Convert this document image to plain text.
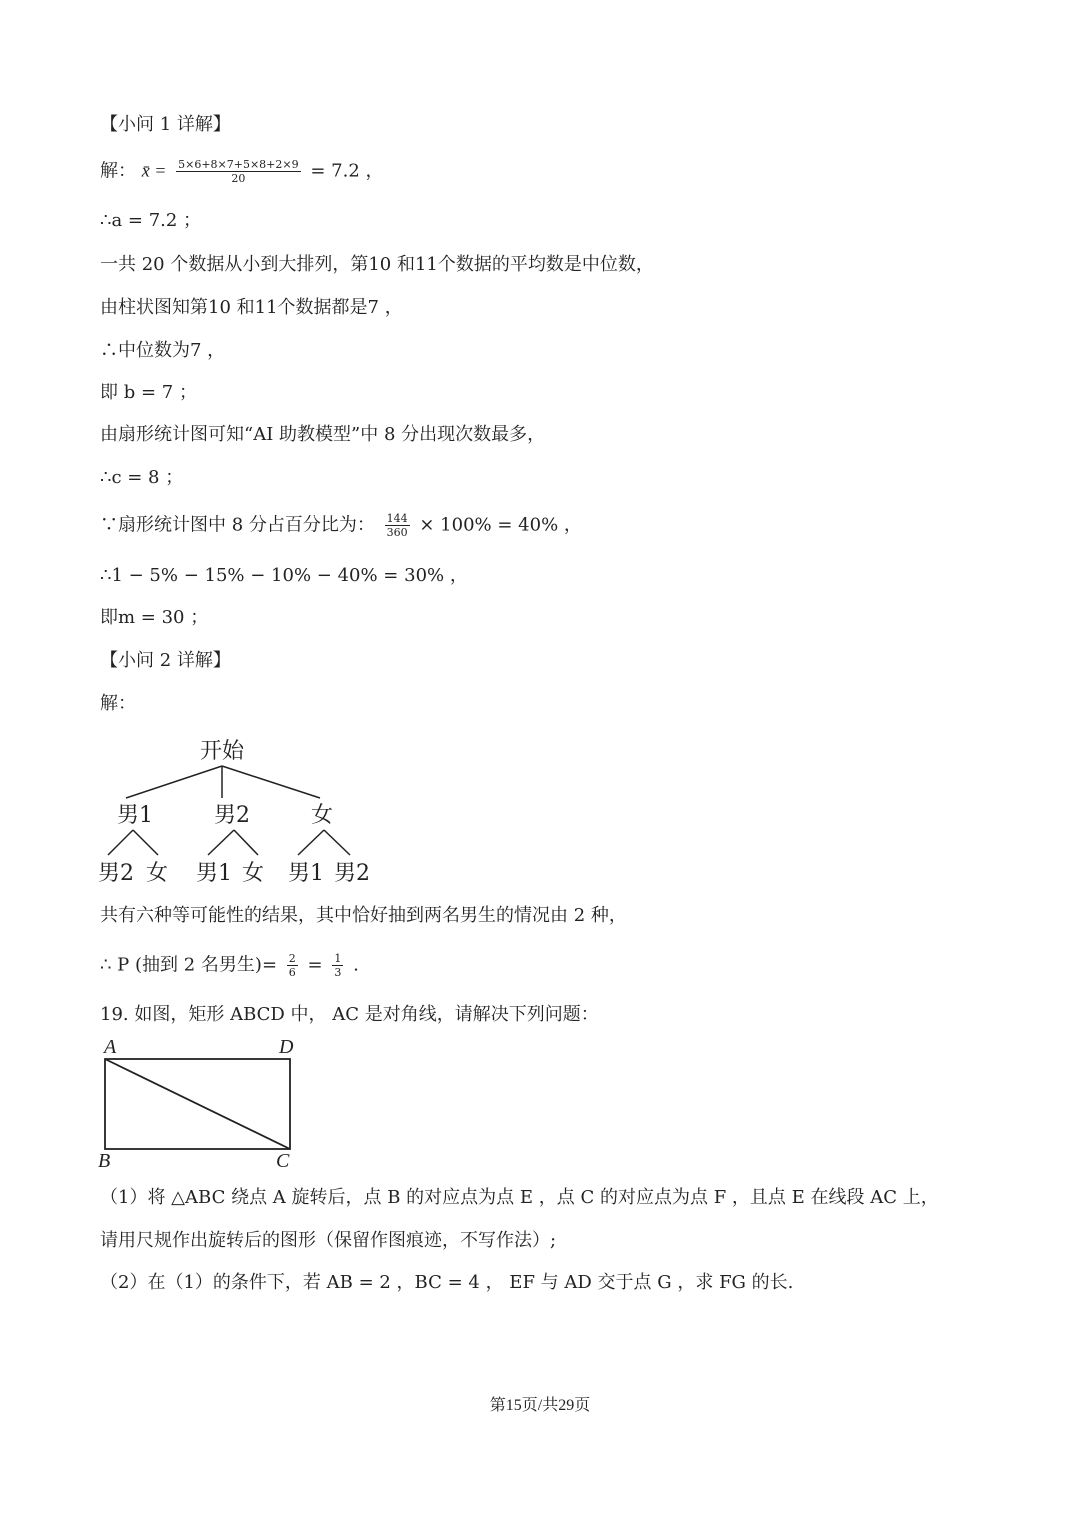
【小问 1 详解】
解： x̄ = $\frac{5\times 6+8\times 7+5\times 8+2\times 9}{20} = 7.2$ ，
∴a = 7.2 ；
一共 20 个数据从小到大排列，第10 和11个数据的平均数是中位数，
由柱状图知第10 和11个数据都是7 ，
∴中位数为7 ，
即 b = 7 ；
由扇形统计图可知“AI 助教模型”中 8 分出现次数最多，
∴c = 8 ；
∵扇形统计图中 8 分占百分比为： $\frac{144}{360} \times 100\% = 40\%$ ，
∴1 − 5% − 15% − 10% − 40% = 30% ，
即m = 30 ；
【小问 2 详解】
解：
开始
男1	男2	女
男2 女 男1 女 男1 男2
共有六种等可能性的结果，其中恰好抽到两名男生的情况由 2 种，
∴ P (抽到 2 名男生)= $\frac{2}{6} = \frac{1}{3}$ .
19. 如图，矩形 ABCD 中， AC 是对角线，请解决下列问题：
A	D
B	C
（1）将 △ABC 绕点 A 旋转后，点 B 的对应点为点 E ，点 C 的对应点为点 F ，且点 E 在线段 AC 上，
请用尺规作出旋转后的图形（保留作图痕迹，不写作法）;
（2）在（1）的条件下，若 AB = 2 ，BC = 4 ， EF 与 AD 交于点 G ，求 FG 的长.
第15页/共29页
